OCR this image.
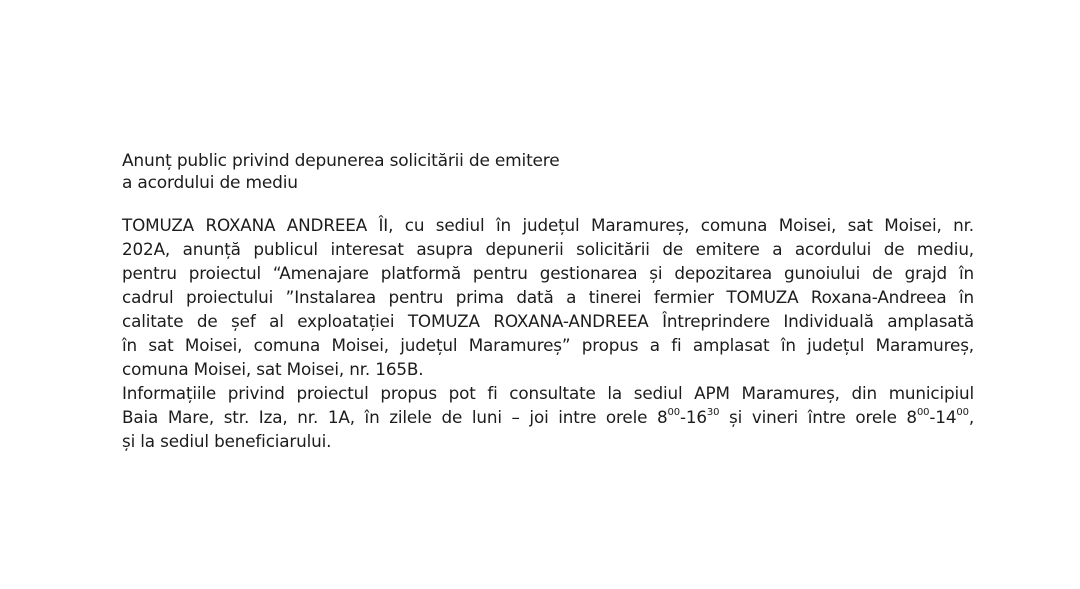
Anunț public privind depunerea solicitării de emitere
a acordului de mediu
TOMUZA ROXANA ANDREEA ÎI, cu sediul în județul Maramureș, comuna Moisei, sat Moisei, nr.
202A, anunță publicul interesat asupra depunerii solicitării de emitere a acordului de mediu,
pentru proiectul “Amenajare platformă pentru gestionarea și depozitarea gunoiului de grajd în
cadrul proiectului ”Instalarea pentru prima dată a tinerei fermier TOMUZA Roxana-Andreea în
calitate de șef al exploatației TOMUZA ROXANA-ANDREEA Întreprindere Individuală amplasată
în sat Moisei, comuna Moisei, județul Maramureș” propus a fi amplasat în județul Maramureș,
comuna Moisei, sat Moisei, nr. 165B.
Informațiile privind proiectul propus pot fi consultate la sediul APM Maramureș, din municipiul
Baia Mare, str. Iza, nr. 1A, în zilele de luni – joi intre orele $8^{00}-16^{30}$ și vineri între orele $8^{00}-14^{00}$,
și la sediul beneficiarului.
